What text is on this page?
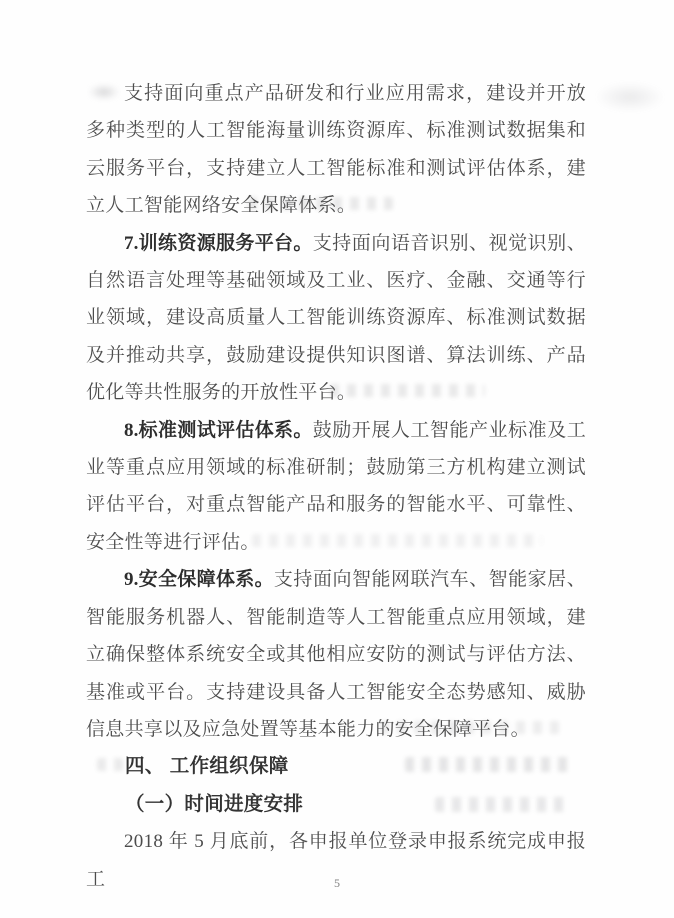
支持面向重点产品研发和行业应用需求，建设并开放多种类型的人工智能海量训练资源库、标准测试数据集和云服务平台，支持建立人工智能标准和测试评估体系，建立人工智能网络安全保障体系。

7.训练资源服务平台。支持面向语音识别、视觉识别、自然语言处理等基础领域及工业、医疗、金融、交通等行业领域，建设高质量人工智能训练资源库、标准测试数据及并推动共享，鼓励建设提供知识图谱、算法训练、产品优化等共性服务的开放性平台。

8.标准测试评估体系。鼓励开展人工智能产业标准及工业等重点应用领域的标准研制；鼓励第三方机构建立测试评估平台，对重点智能产品和服务的智能水平、可靠性、安全性等进行评估。

9.安全保障体系。支持面向智能网联汽车、智能家居、智能服务机器人、智能制造等人工智能重点应用领域，建立确保整体系统安全或其他相应安防的测试与评估方法、基准或平台。支持建设具备人工智能安全态势感知、威胁信息共享以及应急处置等基本能力的安全保障平台。

四、 工作组织保障
（一）时间进度安排

2018 年 5 月底前，各申报单位登录申报系统完成申报工	5
